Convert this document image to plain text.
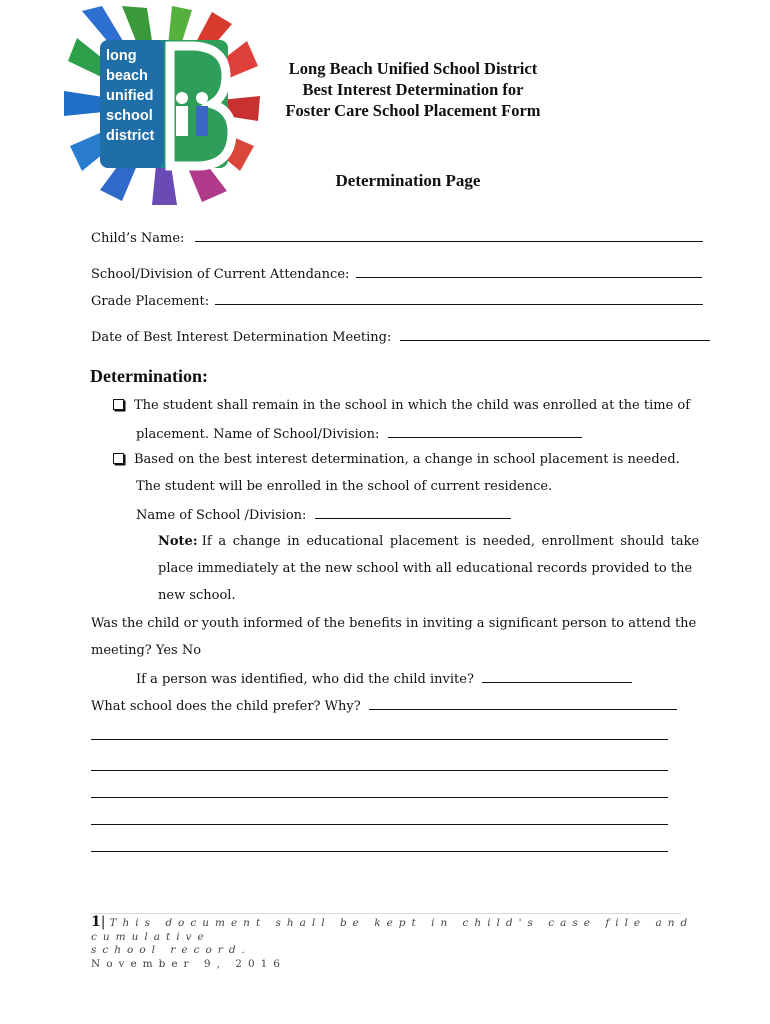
long
beach
unified
school
district
Long Beach Unified School District
Best Interest Determination for
Foster Care School Placement Form
Determination Page
Child’s Name:
School/Division of Current Attendance:
Grade Placement:
Date of Best Interest Determination Meeting:
Determination:
The student shall remain in the school in which the child was enrolled at the time of
placement. Name of School/Division:
Based on the best interest determination, a change in school placement is needed.
The student will be enrolled in the school of current residence.
Name of School /Division:
Note: If a change in educational placement is needed, enrollment should take
place immediately at the new school with all educational records provided to the
new school.
Was the child or youth informed of the benefits in inviting a significant person to attend the
meeting? Yes No
If a person was identified, who did the child invite?
What school does the child prefer? Why?
1| This document shall be kept in child's case file and cumulative
school record.
November 9, 2016
